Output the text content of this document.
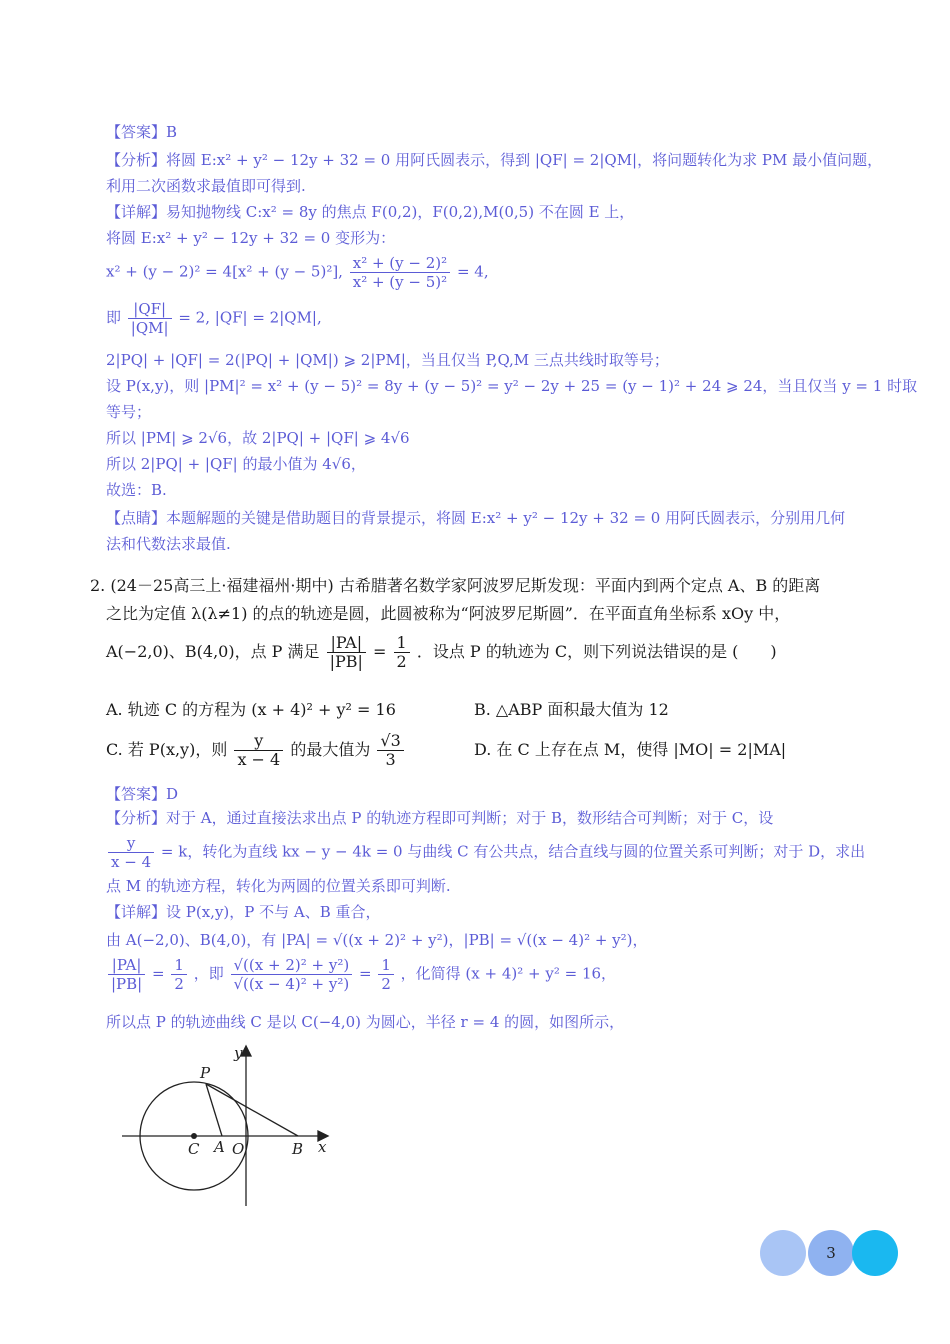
【答案】B
【分析】将圆 E:x² + y² − 12y + 32 = 0 用阿氏圆表示，得到 |QF| = 2|QM|，将问题转化为求 PM 最小值问题，
利用二次函数求最值即可得到.
【详解】易知抛物线 C:x² = 8y 的焦点 F(0,2)，F(0,2),M(0,5) 不在圆 E 上，
将圆 E:x² + y² − 12y + 32 = 0 变形为：
x² + (y − 2)² = 4[x² + (y − 5)²], $\frac{\text{x² + (y − 2)²}}{\text{x² + (y − 5)²}} = 4$,
即 $\frac{|QF|}{|QM|} = 2$, |QF| = 2|QM|,
2|PQ| + |QF| = 2(|PQ| + |QM|) ⩾ 2|PM|，当且仅当 P,Q,M 三点共线时取等号；
设 P(x,y)，则 |PM|² = x² + (y − 5)² = 8y + (y − 5)² = y² − 2y + 25 = (y − 1)² + 24 ⩾ 24，当且仅当 y = 1 时取
等号；
所以 |PM| ⩾ 2√6，故 2|PQ| + |QF| ⩾ 4√6
所以 2|PQ| + |QF| 的最小值为 4√6，
故选：B.
【点睛】本题解题的关键是借助题目的背景提示，将圆 E:x² + y² − 12y + 32 = 0 用阿氏圆表示，分别用几何
法和代数法求最值.
2. (24－25高三上·福建福州·期中) 古希腊著名数学家阿波罗尼斯发现：平面内到两个定点 A、B 的距离
之比为定值 λ(λ≠1) 的点的轨迹是圆，此圆被称为“阿波罗尼斯圆”．在平面直角坐标系 xOy 中，
A(−2,0)、B(4,0)，点 P 满足 $\frac{|PA|}{|PB|} = \frac{1}{2}$ ．设点 P 的轨迹为 C，则下列说法错误的是 (　　)
A. 轨迹 C 的方程为 (x + 4)² + y² = 16	B. △ABP 面积最大值为 12
C. 若 P(x,y)，则 $\frac{y}{x - 4}$ 的最大值为 $\frac{√3}{3}$	D. 在 C 上存在点 M，使得 |MO| = 2|MA|
【答案】D
【分析】对于 A，通过直接法求出点 P 的轨迹方程即可判断；对于 B，数形结合可判断；对于 C，设
$\frac{y}{x - 4} = k$，转化为直线 kx − y − 4k = 0 与曲线 C 有公共点，结合直线与圆的位置关系可判断；对于 D，求出
点 M 的轨迹方程，转化为两圆的位置关系即可判断.
【详解】设 P(x,y)，P 不与 A、B 重合，
由 A(−2,0)、B(4,0)，有 |PA| = √((x + 2)² + y²)，|PB| = √((x − 4)² + y²)，
$\frac{|PA|}{|PB|} = \frac{1}{2}$ ，即 $\frac{\text{√((x + 2)² + y²)}}{\text{√((x − 4)² + y²)}} = \frac{1}{2}$ ，化简得 (x + 4)² + y² = 16，
所以点 P 的轨迹曲线 C 是以 C(−4,0) 为圆心，半径 r = 4 的圆，如图所示，
y
x
P
C A O	B
3
